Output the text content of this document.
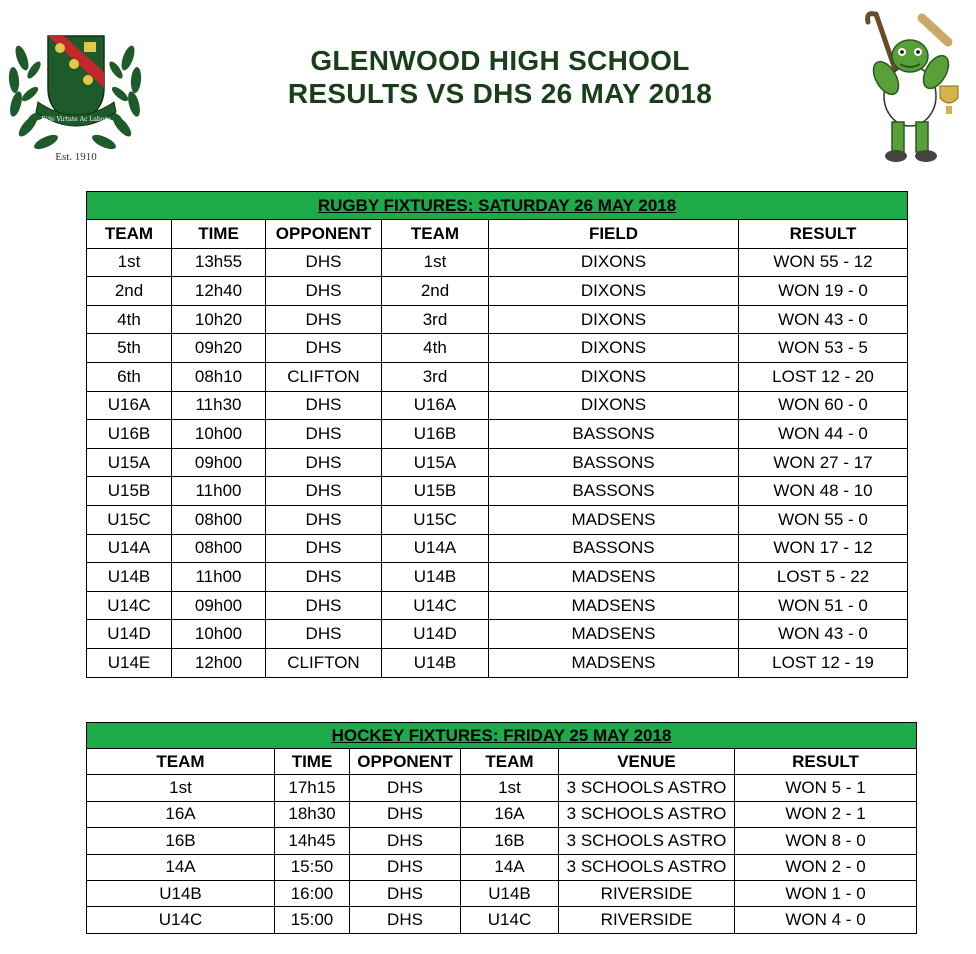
Fide Virtute Ac Labore
Est. 1910
GLENWOOD HIGH SCHOOL
RESULTS VS DHS 26 MAY 2018
RUGBY FIXTURES: SATURDAY 26 MAY 2018					
TEAM	TIME	OPPONENT	TEAM	FIELD	RESULT
1st	13h55	DHS	1st	DIXONS	WON 55 - 12
2nd	12h40	DHS	2nd	DIXONS	WON 19 - 0
4th	10h20	DHS	3rd	DIXONS	WON 43 - 0
5th	09h20	DHS	4th	DIXONS	WON 53 - 5
6th	08h10	CLIFTON	3rd	DIXONS	LOST 12 - 20
U16A	11h30	DHS	U16A	DIXONS	WON 60 - 0
U16B	10h00	DHS	U16B	BASSONS	WON 44 - 0
U15A	09h00	DHS	U15A	BASSONS	WON 27 - 17
U15B	11h00	DHS	U15B	BASSONS	WON 48 - 10
U15C	08h00	DHS	U15C	MADSENS	WON 55 - 0
U14A	08h00	DHS	U14A	BASSONS	WON 17 - 12
U14B	11h00	DHS	U14B	MADSENS	LOST 5 - 22
U14C	09h00	DHS	U14C	MADSENS	WON 51 - 0
U14D	10h00	DHS	U14D	MADSENS	WON 43 - 0
U14E	12h00	CLIFTON	U14B	MADSENS	LOST 12 - 19
HOCKEY FIXTURES: FRIDAY 25 MAY 2018					
TEAM	TIME	OPPONENT	TEAM	VENUE	RESULT
1st	17h15	DHS	1st	3 SCHOOLS ASTRO	WON 5 - 1
16A	18h30	DHS	16A	3 SCHOOLS ASTRO	WON 2 - 1
16B	14h45	DHS	16B	3 SCHOOLS ASTRO	WON 8 - 0
14A	15:50	DHS	14A	3 SCHOOLS ASTRO	WON 2 - 0
U14B	16:00	DHS	U14B	RIVERSIDE	WON 1 - 0
U14C	15:00	DHS	U14C	RIVERSIDE	WON 4 - 0
